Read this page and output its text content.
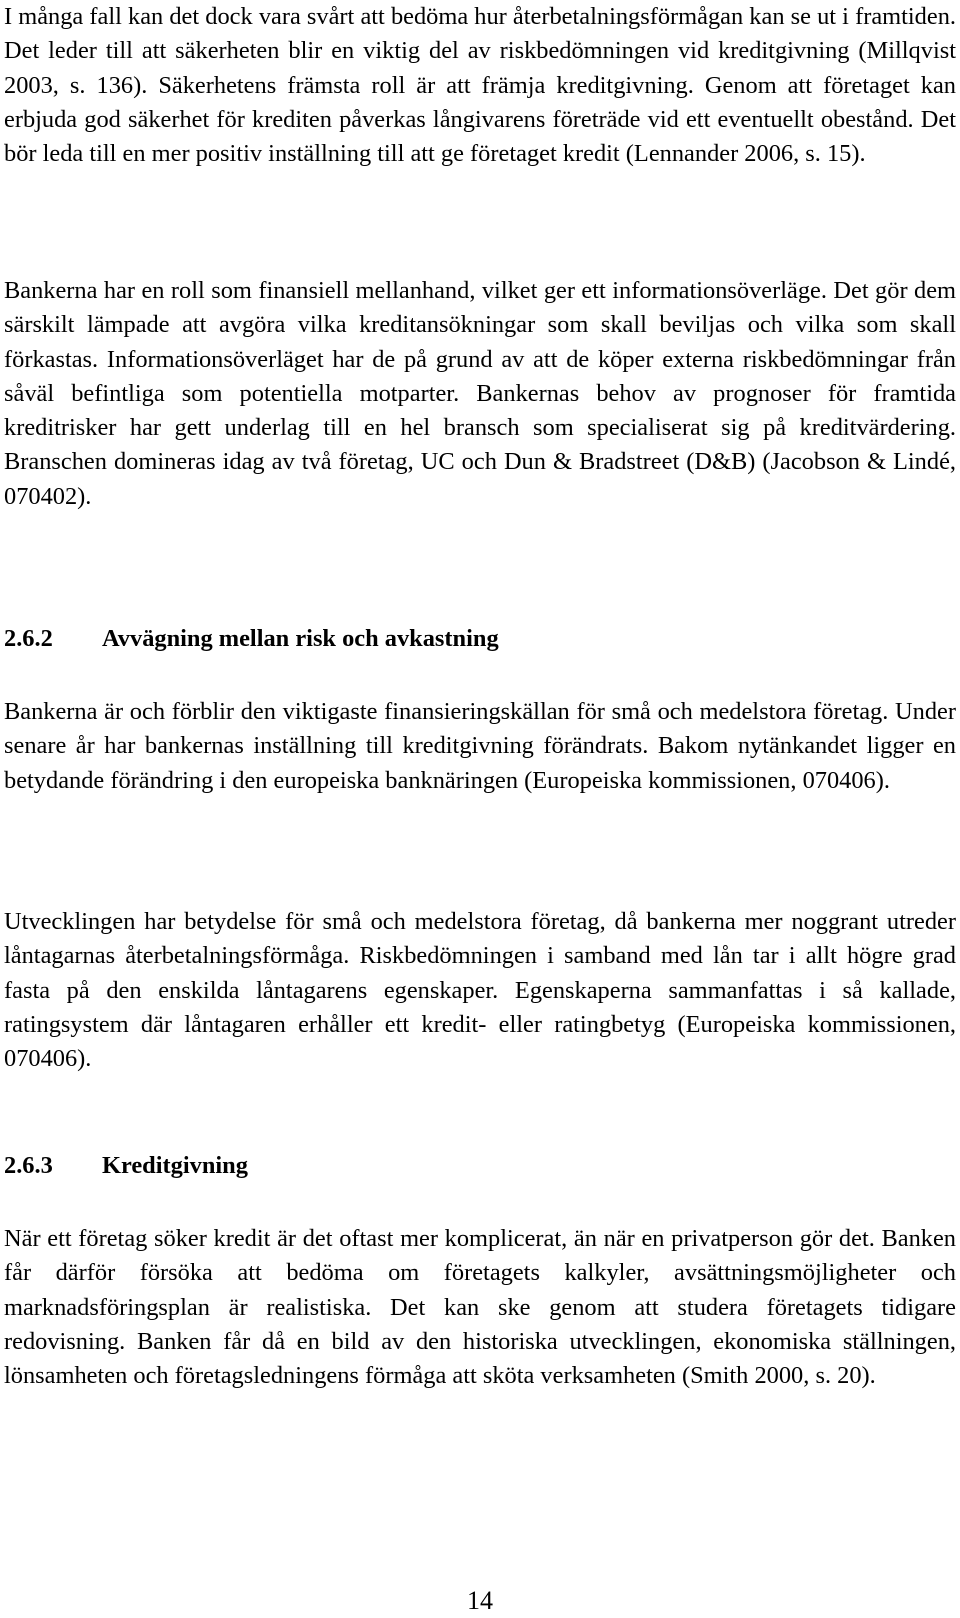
I många fall kan det dock vara svårt att bedöma hur återbetalningsförmågan kan se ut i framtiden. Det leder till att säkerheten blir en viktig del av riskbedömningen vid kreditgivning (Millqvist 2003, s. 136). Säkerhetens främsta roll är att främja kreditgivning. Genom att företaget kan erbjuda god säkerhet för krediten påverkas långivarens företräde vid ett eventuellt obestånd. Det bör leda till en mer positiv inställning till att ge företaget kredit (Lennander 2006, s. 15).

Bankerna har en roll som finansiell mellanhand, vilket ger ett informationsöverläge. Det gör dem särskilt lämpade att avgöra vilka kreditansökningar som skall beviljas och vilka som skall förkastas. Informationsöverläget har de på grund av att de köper externa riskbedömningar från såväl befintliga som potentiella motparter. Bankernas behov av prognoser för framtida kreditrisker har gett underlag till en hel bransch som specialiserat sig på kreditvärdering. Branschen domineras idag av två företag, UC och Dun & Bradstreet (D&B) (Jacobson & Lindé, 070402).

2.6.2	Avvägning mellan risk och avkastning

Bankerna är och förblir den viktigaste finansieringskällan för små och medelstora företag. Under senare år har bankernas inställning till kreditgivning förändrats. Bakom nytänkandet ligger en betydande förändring i den europeiska banknäringen (Europeiska kommissionen, 070406).

Utvecklingen har betydelse för små och medelstora företag, då bankerna mer noggrant utreder låntagarnas återbetalningsförmåga. Riskbedömningen i samband med lån tar i allt högre grad fasta på den enskilda låntagarens egenskaper. Egenskaperna sammanfattas i så kallade, ratingsystem där låntagaren erhåller ett kredit- eller ratingbetyg (Europeiska kommissionen, 070406).

2.6.3	Kreditgivning

När ett företag söker kredit är det oftast mer komplicerat, än när en privatperson gör det. Banken får därför försöka att bedöma om företagets kalkyler, avsättningsmöjligheter och marknadsföringsplan är realistiska. Det kan ske genom att studera företagets tidigare redovisning. Banken får då en bild av den historiska utvecklingen, ekonomiska ställningen, lönsamheten och företagsledningens förmåga att sköta verksamheten (Smith 2000, s. 20).

14
